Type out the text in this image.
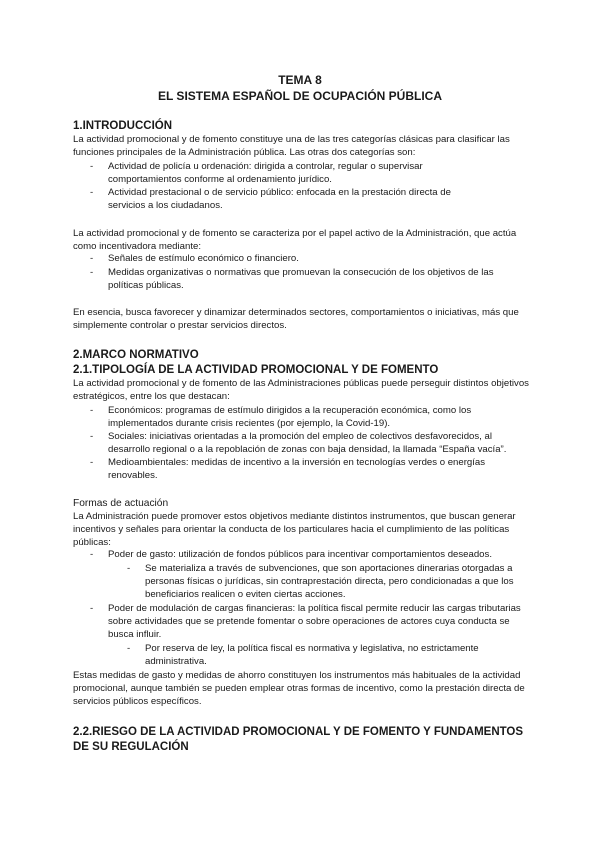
TEMA 8
EL SISTEMA ESPAÑOL DE OCUPACIÓN PÚBLICA
1.INTRODUCCIÓN
La actividad promocional y de fomento constituye una de las tres categorías clásicas para clasificar las funciones principales de la Administración pública. Las otras dos categorías son:
- Actividad de policía u ordenación: dirigida a controlar, regular o supervisar comportamientos conforme al ordenamiento jurídico.
- Actividad prestacional o de servicio público: enfocada en la prestación directa de servicios a los ciudadanos.
La actividad promocional y de fomento se caracteriza por el papel activo de la Administración, que actúa como incentivadora mediante:
- Señales de estímulo económico o financiero.
- Medidas organizativas o normativas que promuevan la consecución de los objetivos de las políticas públicas.
En esencia, busca favorecer y dinamizar determinados sectores, comportamientos o iniciativas, más que simplemente controlar o prestar servicios directos.
2.MARCO NORMATIVO
2.1.TIPOLOGÍA DE LA ACTIVIDAD PROMOCIONAL Y DE FOMENTO
La actividad promocional y de fomento de las Administraciones públicas puede perseguir distintos objetivos estratégicos, entre los que destacan:
- Económicos: programas de estímulo dirigidos a la recuperación económica, como los implementados durante crisis recientes (por ejemplo, la Covid-19).
- Sociales: iniciativas orientadas a la promoción del empleo de colectivos desfavorecidos, al desarrollo regional o a la repoblación de zonas con baja densidad, la llamada “España vacía”.
- Medioambientales: medidas de incentivo a la inversión en tecnologías verdes o energías renovables.
Formas de actuación
La Administración puede promover estos objetivos mediante distintos instrumentos, que buscan generar incentivos y señales para orientar la conducta de los particulares hacia el cumplimiento de las políticas públicas:
- Poder de gasto: utilización de fondos públicos para incentivar comportamientos deseados.
- Se materializa a través de subvenciones, que son aportaciones dinerarias otorgadas a personas físicas o jurídicas, sin contraprestación directa, pero condicionadas a que los beneficiarios realicen o eviten ciertas acciones.
- Poder de modulación de cargas financieras: la política fiscal permite reducir las cargas tributarias sobre actividades que se pretende fomentar o sobre operaciones de actores cuya conducta se busca influir.
- Por reserva de ley, la política fiscal es normativa y legislativa, no estrictamente administrativa.
Estas medidas de gasto y medidas de ahorro constituyen los instrumentos más habituales de la actividad promocional, aunque también se pueden emplear otras formas de incentivo, como la prestación directa de servicios públicos específicos.
2.2.RIESGO DE LA ACTIVIDAD PROMOCIONAL Y DE FOMENTO Y FUNDAMENTOS DE SU REGULACIÓN
